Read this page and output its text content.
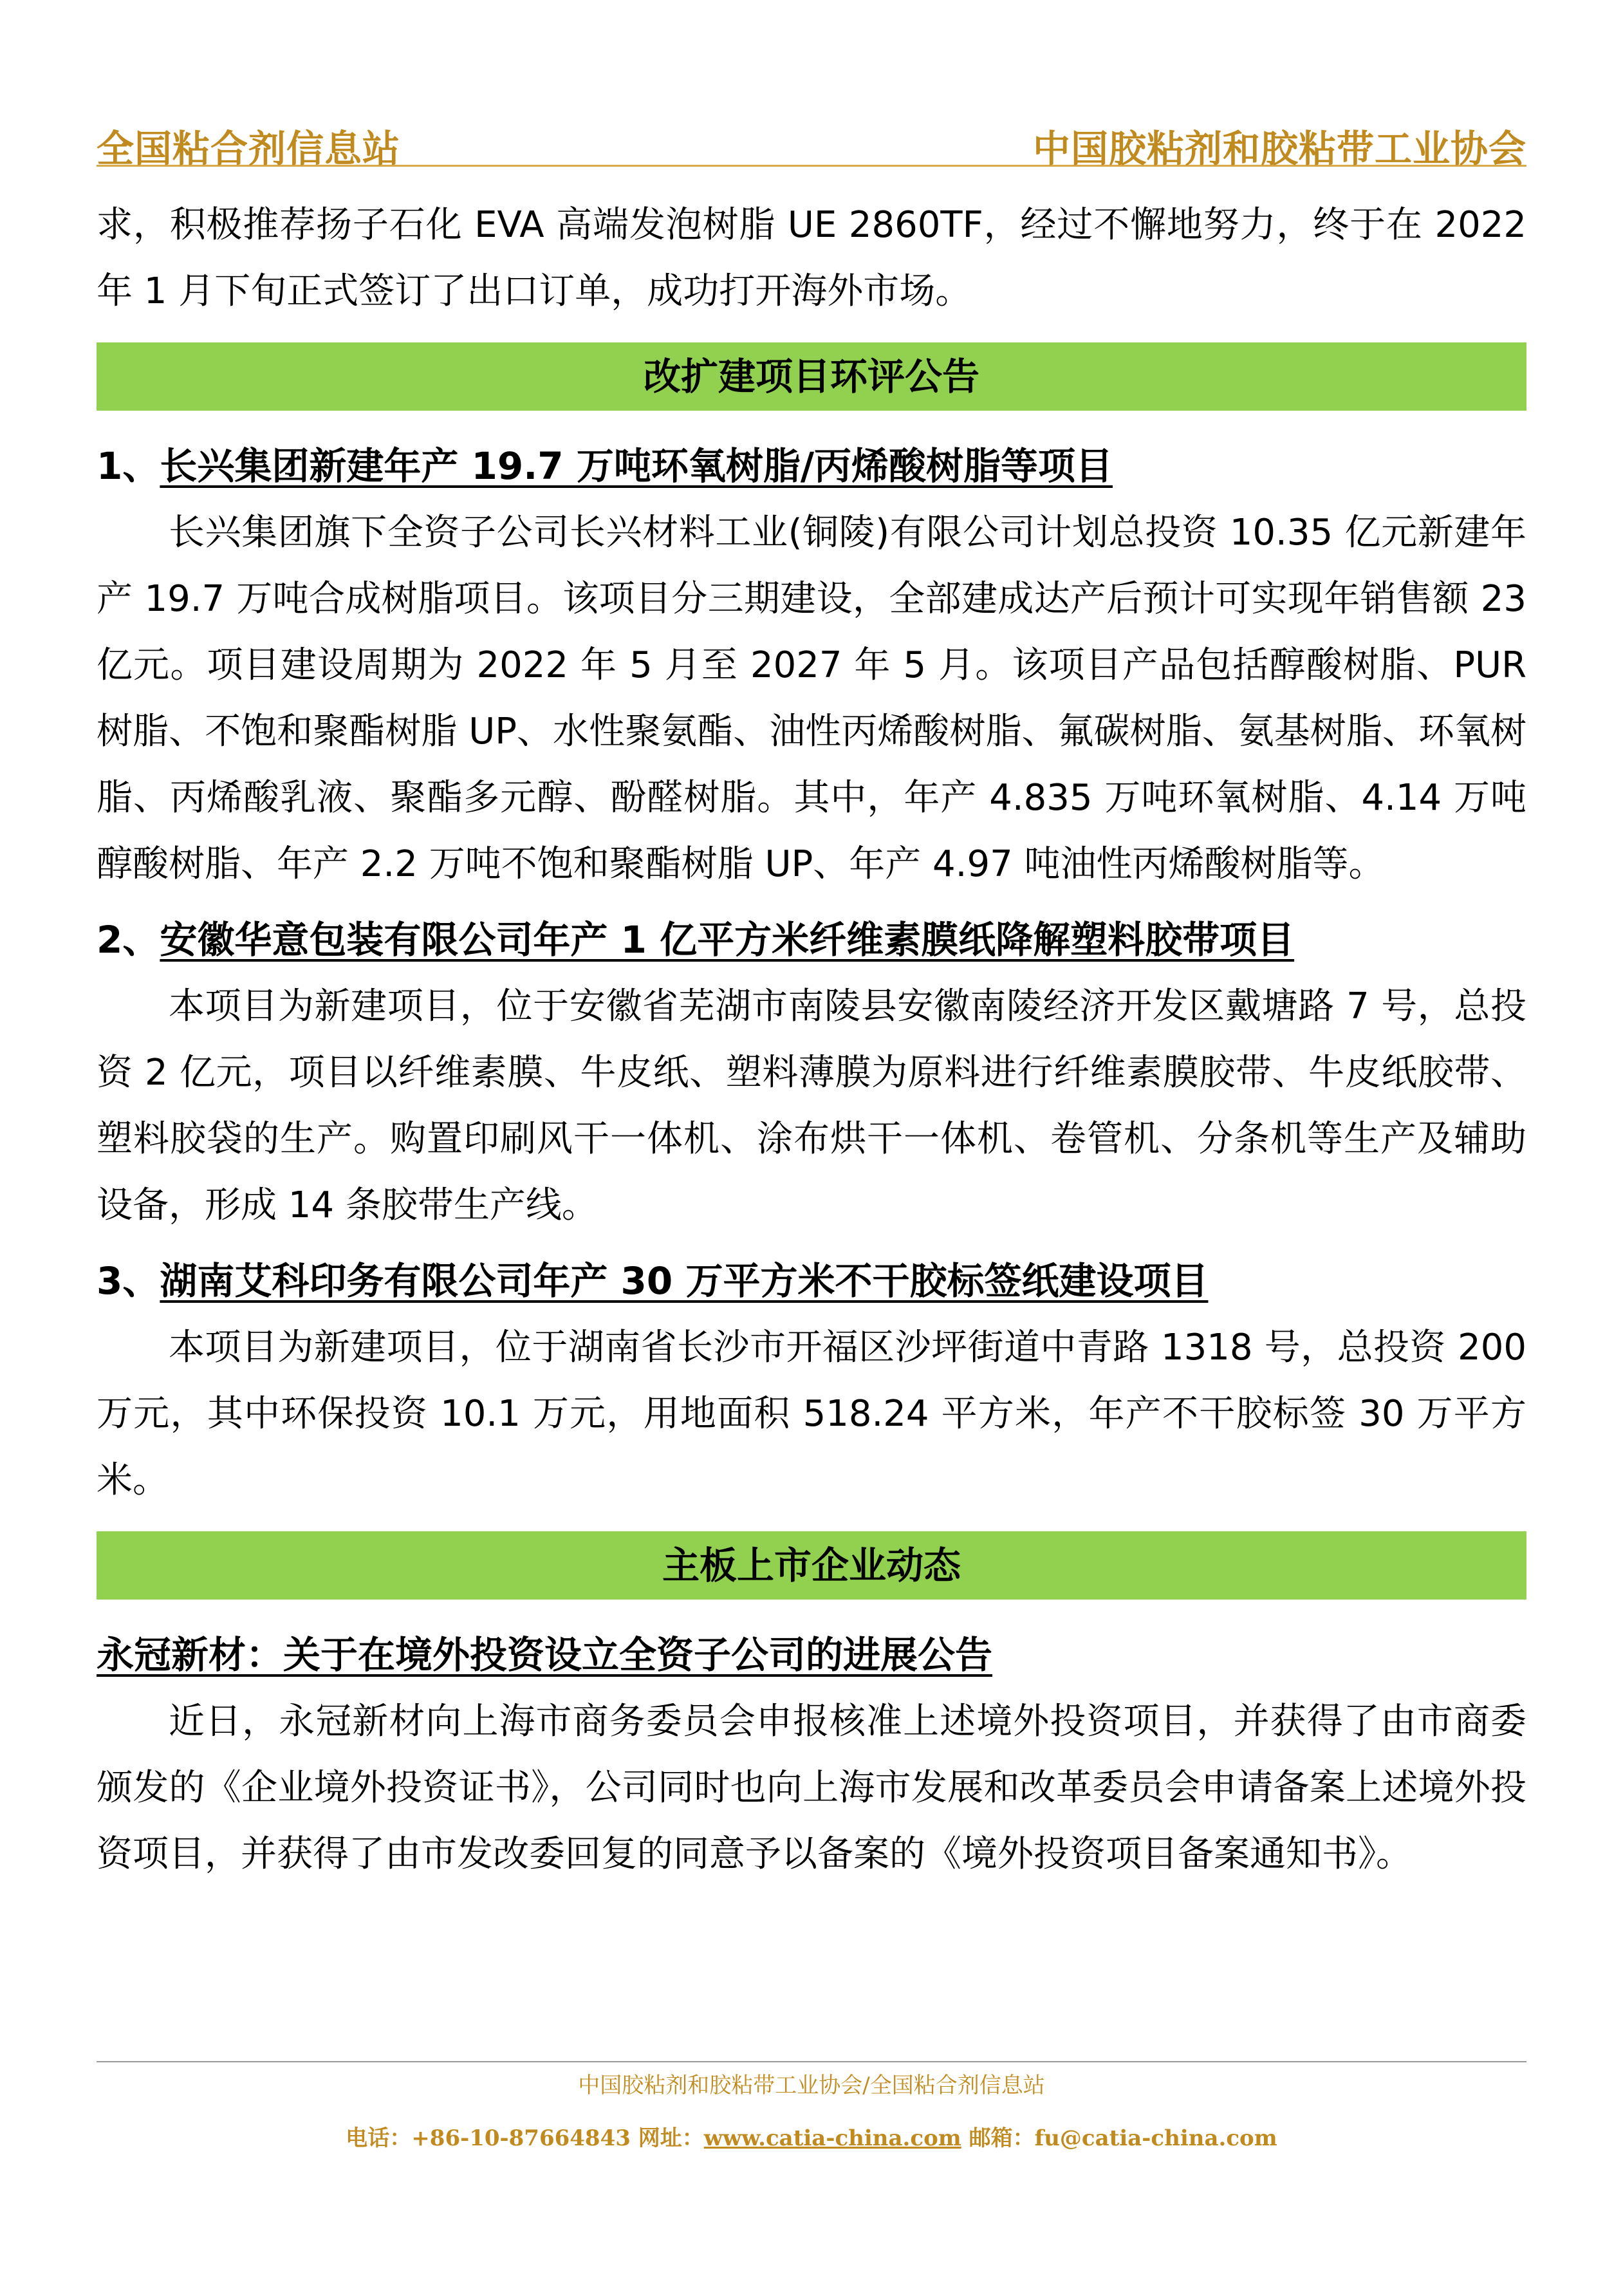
全国粘合剂信息站	中国胶粘剂和胶粘带工业协会

求，积极推荐扬子石化 EVA 高端发泡树脂 UE 2860TF，经过不懈地努力，终于在 2022 年 1 月下旬正式签订了出口订单，成功打开海外市场。

改扩建项目环评公告
1、长兴集团新建年产 19.7 万吨环氧树脂/丙烯酸树脂等项目

长兴集团旗下全资子公司长兴材料工业(铜陵)有限公司计划总投资 10.35 亿元新建年产 19.7 万吨合成树脂项目。该项目分三期建设，全部建成达产后预计可实现年销售额 23 亿元。项目建设周期为 2022 年 5 月至 2027 年 5 月。该项目产品包括醇酸树脂、PUR 树脂、不饱和聚酯树脂 UP、水性聚氨酯、油性丙烯酸树脂、氟碳树脂、氨基树脂、环氧树脂、丙烯酸乳液、聚酯多元醇、酚醛树脂。其中，年产 4.835 万吨环氧树脂、4.14 万吨醇酸树脂、年产 2.2 万吨不饱和聚酯树脂 UP、年产 4.97 吨油性丙烯酸树脂等。

2、安徽华意包装有限公司年产 1 亿平方米纤维素膜纸降解塑料胶带项目

本项目为新建项目，位于安徽省芜湖市南陵县安徽南陵经济开发区戴塘路 7 号，总投资 2 亿元，项目以纤维素膜、牛皮纸、塑料薄膜为原料进行纤维素膜胶带、牛皮纸胶带、塑料胶袋的生产。购置印刷风干一体机、涂布烘干一体机、卷管机、分条机等生产及辅助设备，形成 14 条胶带生产线。

3、湖南艾科印务有限公司年产 30 万平方米不干胶标签纸建设项目

本项目为新建项目，位于湖南省长沙市开福区沙坪街道中青路 1318 号，总投资 200 万元，其中环保投资 10.1 万元，用地面积 518.24 平方米，年产不干胶标签 30 万平方米。

主板上市企业动态
永冠新材：关于在境外投资设立全资子公司的进展公告

近日，永冠新材向上海市商务委员会申报核准上述境外投资项目，并获得了由市商委颁发的《企业境外投资证书》，公司同时也向上海市发展和改革委员会申请备案上述境外投资项目，并获得了由市发改委回复的同意予以备案的《境外投资项目备案通知书》。

中国胶粘剂和胶粘带工业协会/全国粘合剂信息站
电话：+86-10-87664843 网址：www.catia-china.com 邮箱：fu@catia-china.com
